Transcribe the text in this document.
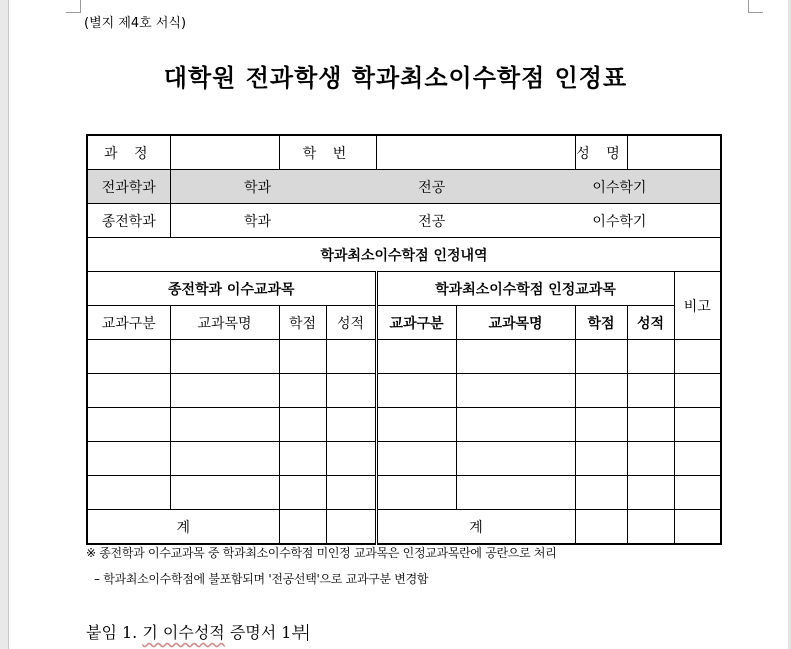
(별지 제4호 서식)
대학원 전과학생 학과최소이수학점 인정표
과 정		학 번				성 명		
전과학과	학과 전공 이수학기							

종전학과	학과 전공 이수학기							

학과최소이수학점 인정내역								
종전학과 이수교과목				학과최소이수학점 인정교과목				비고
교과구분	교과목명	학점	성적	교과구분	교과목명	학점	성적	

계				계				
※ 종전학과 이수교과목 중 학과최소이수학점 미인정 교과목은 인정교과목란에 공란으로 처리
– 학과최소이수학점에 불포함되며 '전공선택'으로 교과구분 변경함
붙임 1. 기 이수성적 증명서 1부
